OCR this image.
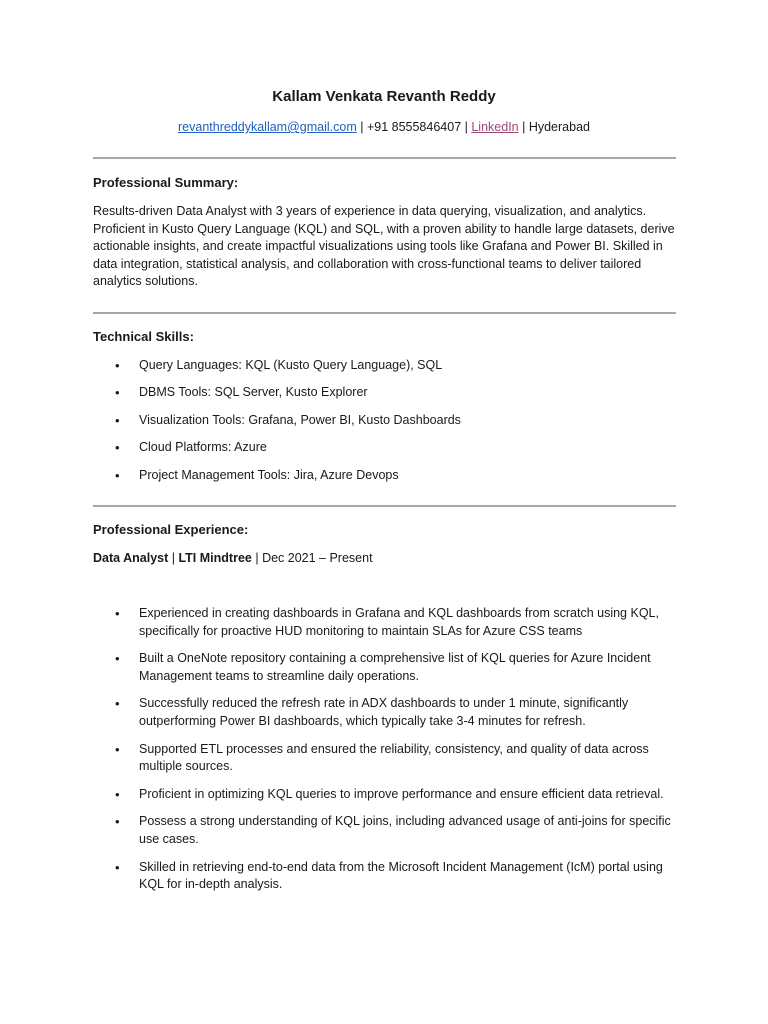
Kallam Venkata Revanth Reddy
revanthreddykallam@gmail.com | +91 8555846407 | LinkedIn | Hyderabad
Professional Summary:
Results-driven Data Analyst with 3 years of experience in data querying, visualization, and analytics. Proficient in Kusto Query Language (KQL) and SQL, with a proven ability to handle large datasets, derive actionable insights, and create impactful visualizations using tools like Grafana and Power BI. Skilled in data integration, statistical analysis, and collaboration with cross-functional teams to deliver tailored analytics solutions.
Technical Skills:
• Query Languages: KQL (Kusto Query Language), SQL
• DBMS Tools: SQL Server, Kusto Explorer
• Visualization Tools: Grafana, Power BI, Kusto Dashboards
• Cloud Platforms: Azure
• Project Management Tools: Jira, Azure Devops
Professional Experience:
Data Analyst | LTI Mindtree | Dec 2021 – Present
• Experienced in creating dashboards in Grafana and KQL dashboards from scratch using KQL, specifically for proactive HUD monitoring to maintain SLAs for Azure CSS teams
• Built a OneNote repository containing a comprehensive list of KQL queries for Azure Incident Management teams to streamline daily operations.
• Successfully reduced the refresh rate in ADX dashboards to under 1 minute, significantly outperforming Power BI dashboards, which typically take 3-4 minutes for refresh.
• Supported ETL processes and ensured the reliability, consistency, and quality of data across multiple sources.
• Proficient in optimizing KQL queries to improve performance and ensure efficient data retrieval.
• Possess a strong understanding of KQL joins, including advanced usage of anti-joins for specific use cases.
• Skilled in retrieving end-to-end data from the Microsoft Incident Management (IcM) portal using KQL for in-depth analysis.
